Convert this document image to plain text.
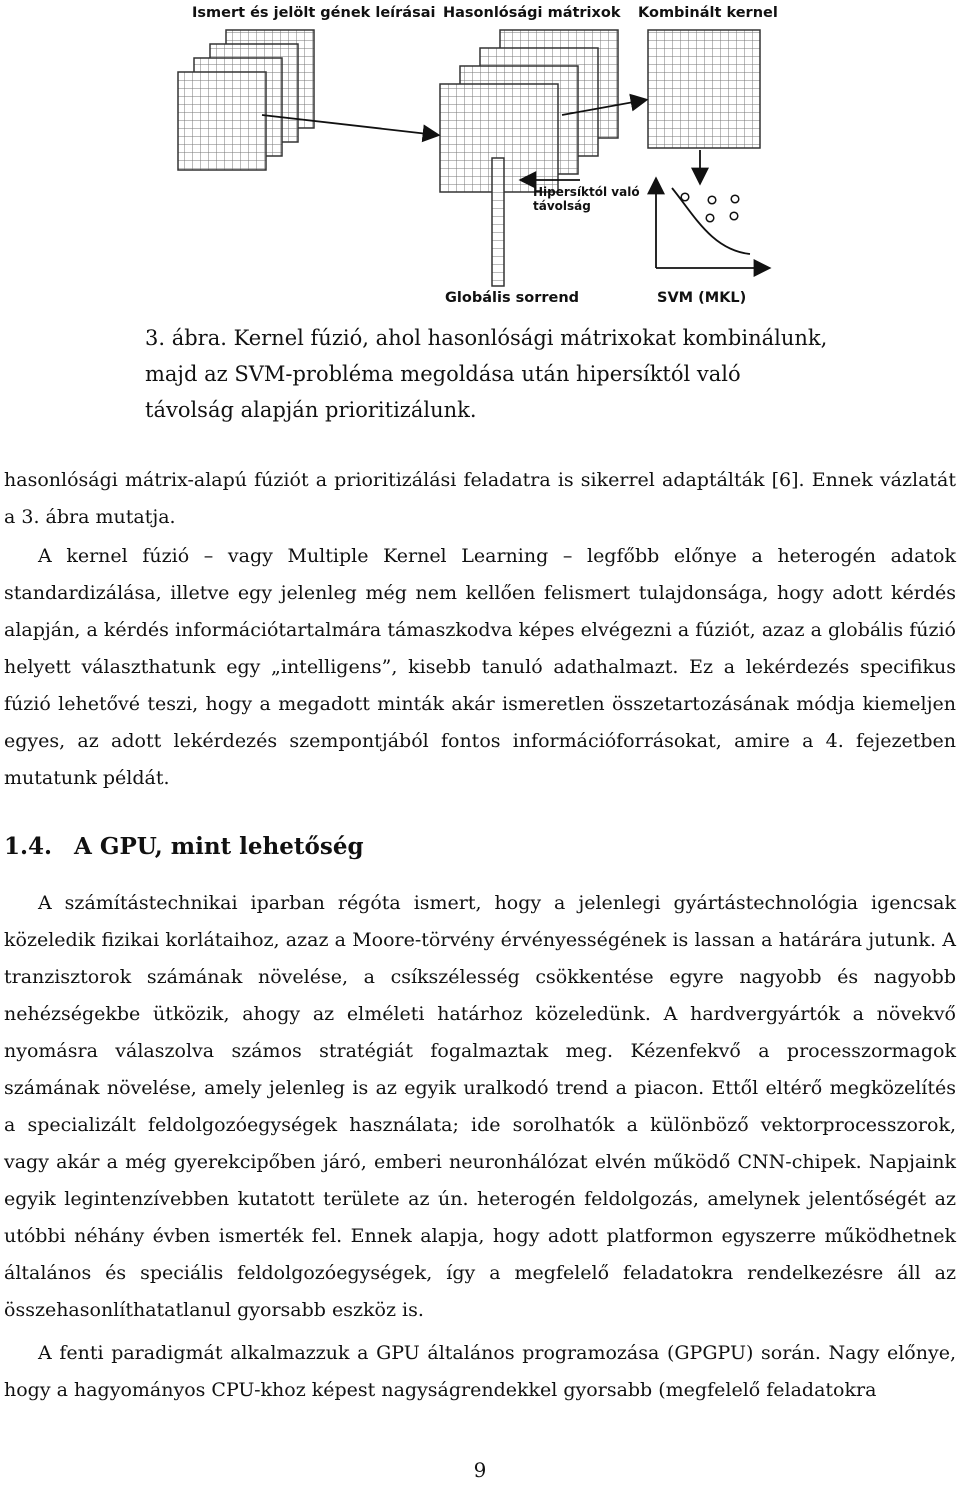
Ismert és jelölt gének leírásai Hasonlósági mátrixok Kombinált kernel
Hipersíktól való
távolság
Globális sorrend	SVM (MKL)

3. ábra. Kernel fúzió, ahol hasonlósági mátrixokat kombinálunk, majd az SVM-probléma megoldása után hipersíktól való távolság alapján prioritizálunk.

hasonlósági mátrix-alapú fúziót a prioritizálási feladatra is sikerrel adaptálták [6]. Ennek vázlatát a 3. ábra mutatja.

A kernel fúzió – vagy Multiple Kernel Learning – legfőbb előnye a heterogén adatok standardizálása, illetve egy jelenleg még nem kellően felismert tulajdonsága, hogy adott kérdés alapján, a kérdés információtartalmára támaszkodva képes elvégezni a fúziót, azaz a globális fúzió helyett választhatunk egy „intelligens”, kisebb tanuló adathalmazt. Ez a lekérdezés specifikus fúzió lehetővé teszi, hogy a megadott minták akár ismeretlen összetartozásának módja kiemeljen egyes, az adott lekérdezés szempontjából fontos információforrásokat, amire a 4. fejezetben mutatunk példát.

1.4. A GPU, mint lehetőség

A számítástechnikai iparban régóta ismert, hogy a jelenlegi gyártástechnológia igencsak közeledik fizikai korlátaihoz, azaz a Moore-törvény érvényességének is lassan a határára jutunk. A tranzisztorok számának növelése, a csíkszélesség csökkentése egyre nagyobb és nagyobb nehézségekbe ütközik, ahogy az elméleti határhoz közeledünk. A hardvergyártók a növekvő nyomásra válaszolva számos stratégiát fogalmaztak meg. Kézenfekvő a processzormagok számának növelése, amely jelenleg is az egyik uralkodó trend a piacon. Ettől eltérő megközelítés a specializált feldolgozóegységek használata; ide sorolhatók a különböző vektorprocesszorok, vagy akár a még gyerekcipőben járó, emberi neuronhálózat elvén működő CNN-chipek. Napjaink egyik legintenzívebben kutatott területe az ún. heterogén feldolgozás, amelynek jelentőségét az utóbbi néhány évben ismerték fel. Ennek alapja, hogy adott platformon egyszerre működhetnek általános és speciális feldolgozóegységek, így a megfelelő feladatokra rendelkezésre áll az összehasonlíthatatlanul gyorsabb eszköz is.

A fenti paradigmát alkalmazzuk a GPU általános programozása (GPGPU) során. Nagy előnye, hogy a hagyományos CPU-khoz képest nagyságrendekkel gyorsabb (megfelelő feladatokra

9
